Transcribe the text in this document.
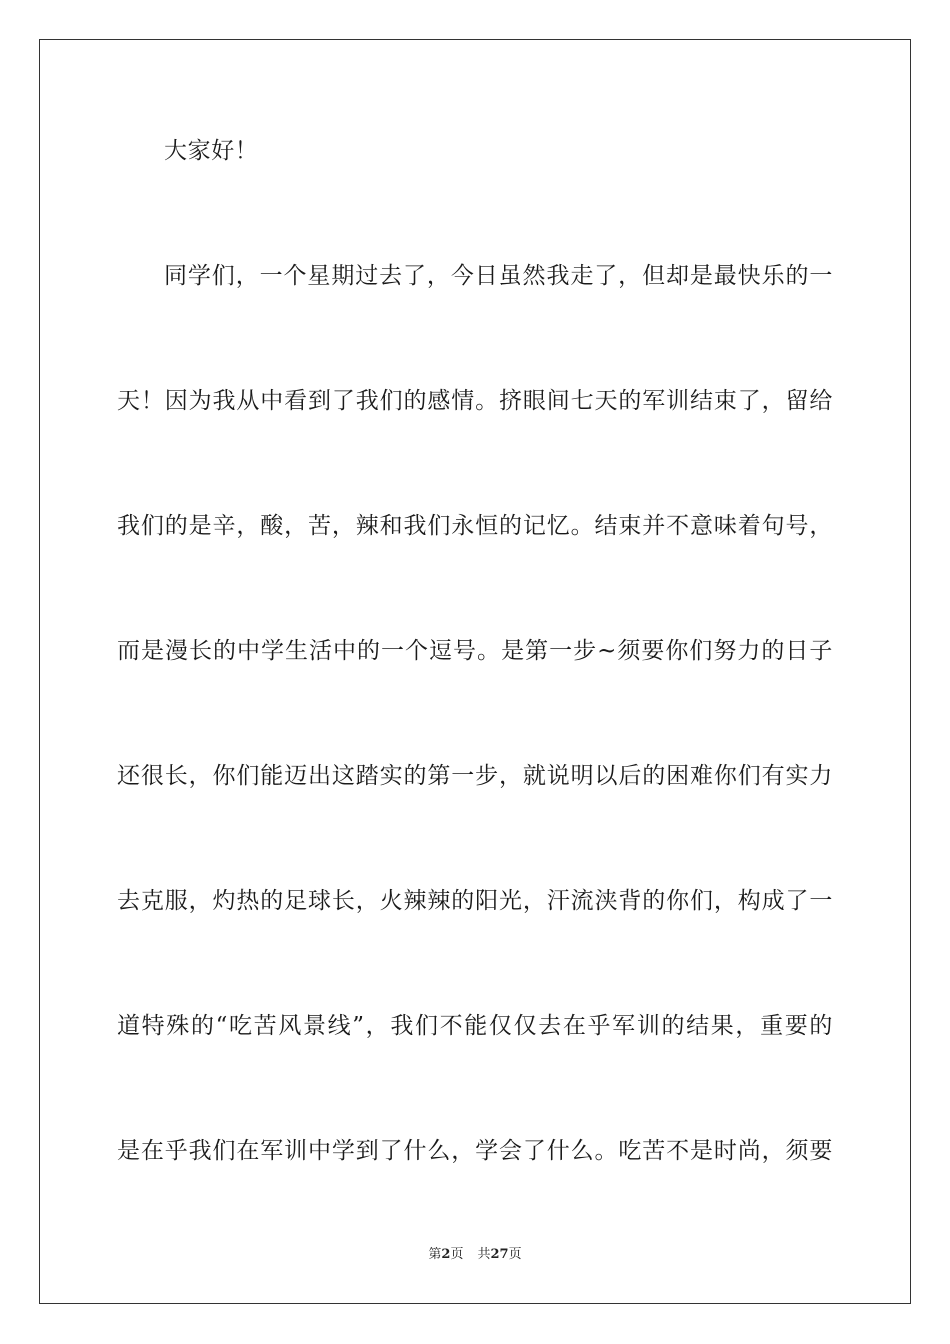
大家好！
同学们，一个星期过去了，今日虽然我走了，但却是最快乐的一
天！因为我从中看到了我们的感情。挤眼间七天的军训结束了，留给
我们的是辛，酸，苦，辣和我们永恒的记忆。结束并不意味着句号，
而是漫长的中学生活中的一个逗号。是第一步~须要你们努力的日子
还很长，你们能迈出这踏实的第一步，就说明以后的困难你们有实力
去克服，灼热的足球长，火辣辣的阳光，汗流浃背的你们，构成了一
道特殊的“吃苦风景线”，我们不能仅仅去在乎军训的结果，重要的
是在乎我们在军训中学到了什么，学会了什么。吃苦不是时尚，须要
第2页 共27页
